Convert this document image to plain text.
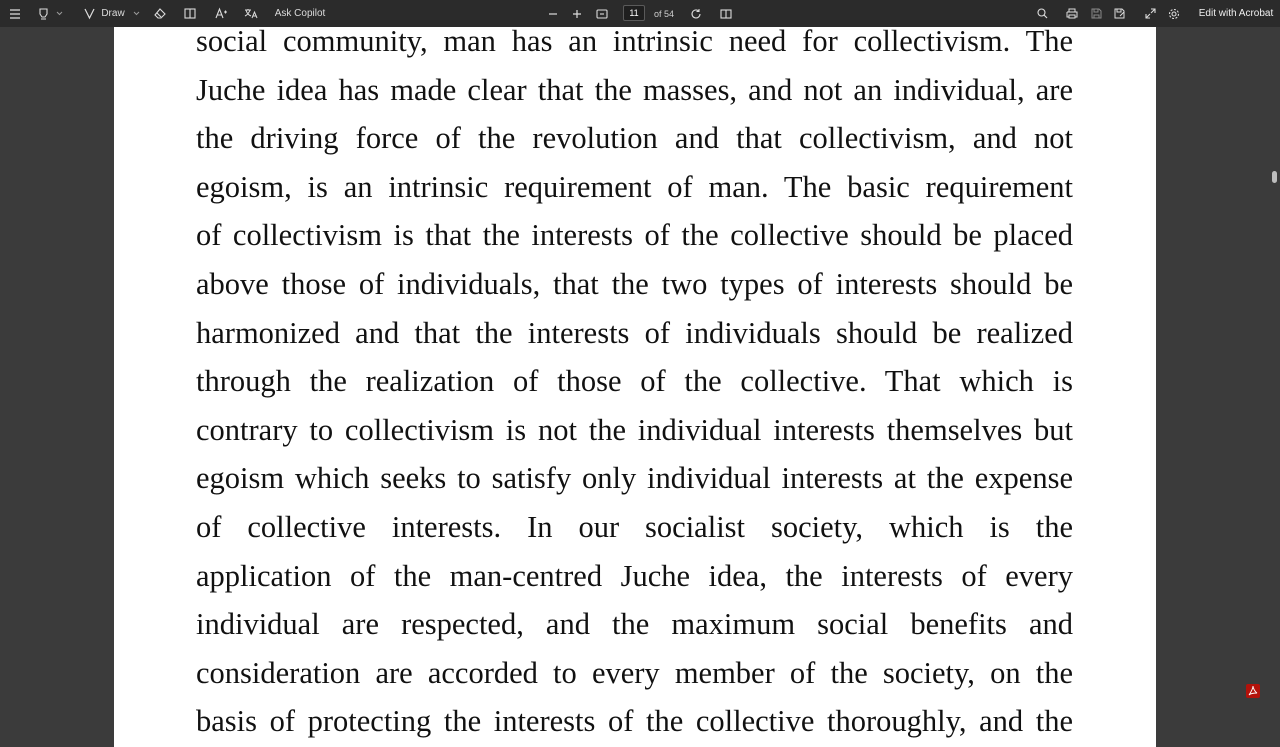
Draw	Ask Copilot
11	of 54	Edit with Acrobat
social community, man has an intrinsic need for collectivism. The
Juche idea has made clear that the masses, and not an individual, are
the driving force of the revolution and that collectivism, and not
egoism, is an intrinsic requirement of man. The basic requirement
of collectivism is that the interests of the collective should be placed
above those of individuals, that the two types of interests should be
harmonized and that the interests of individuals should be realized
through the realization of those of the collective. That which is
contrary to collectivism is not the individual interests themselves but
egoism which seeks to satisfy only individual interests at the expense
of collective interests. In our socialist society, which is the
application of the man-centred Juche idea, the interests of every
individual are respected, and the maximum social benefits and
consideration are accorded to every member of the society, on the
basis of protecting the interests of the collective thoroughly, and the
